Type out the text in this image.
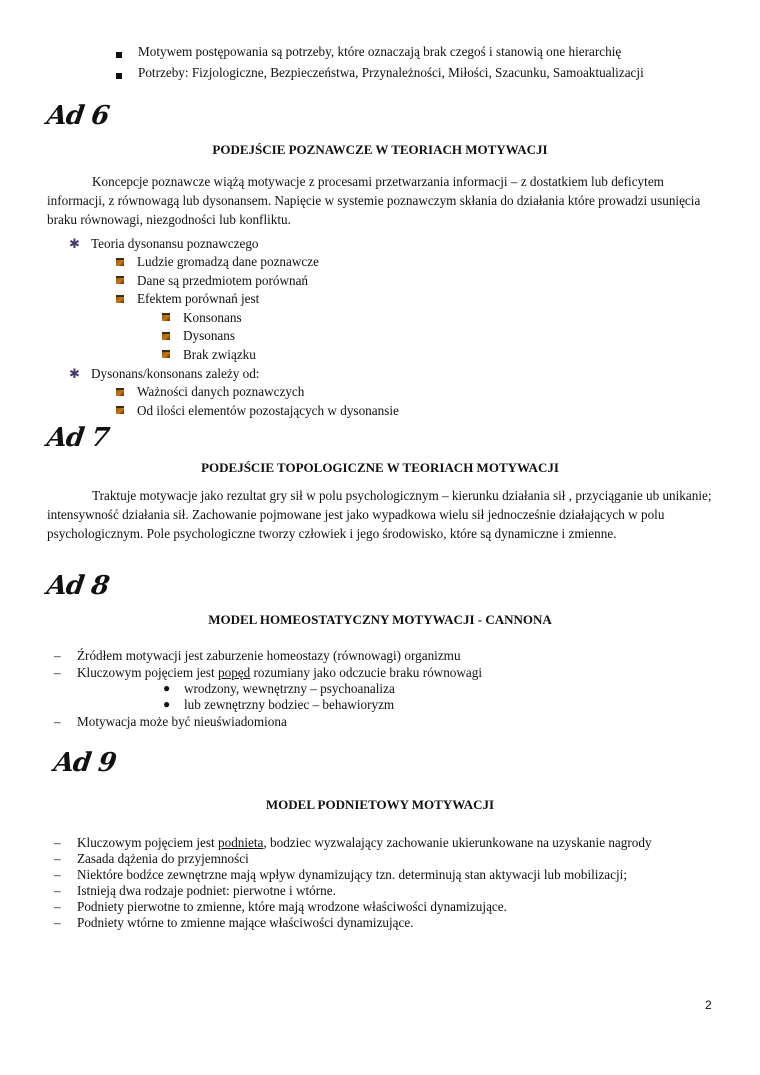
Motywem postępowania są potrzeby, które oznaczają brak czegoś i stanowią one hierarchię
Potrzeby: Fizjologiczne, Bezpieczeństwa, Przynależności, Miłości, Szacunku, Samoaktualizacji
Ad 6
PODEJŚCIE POZNAWCZE W TEORIACH MOTYWACJI
Koncepcje poznawcze wiążą motywacje z procesami przetwarzania informacji – z dostatkiem lub deficytem informacji, z równowagą lub dysonansem. Napięcie w systemie poznawczym skłania do działania które prowadzi usunięcia braku równowagi, niezgodności lub konfliktu.
✱ Teoria dysonansu poznawczego
Ludzie gromadzą dane poznawcze
Dane są przedmiotem porównań
Efektem porównań jest
Konsonans
Dysonans
Brak związku
✱ Dysonans/konsonans zależy od:
Ważności danych poznawczych
Od ilości elementów pozostających w dysonansie
Ad 7
PODEJŚCIE TOPOLOGICZNE W TEORIACH MOTYWACJI
Traktuje motywacje jako rezultat gry sił w polu psychologicznym – kierunku działania sił , przyciąganie ub unikanie; intensywność działania sił. Zachowanie pojmowane jest jako wypadkowa wielu sił jednocześnie działających w polu psychologicznym. Pole psychologiczne tworzy człowiek i jego środowisko, które są dynamiczne i zmienne.
Ad 8
MODEL HOMEOSTATYCZNY MOTYWACJI - CANNONA
– Źródłem motywacji jest zaburzenie homeostazy (równowagi) organizmu
– Kluczowym pojęciem jest popęd rozumiany jako odczucie braku równowagi
● wrodzony, wewnętrzny – psychoanaliza
● lub zewnętrzny bodziec – behawioryzm
– Motywacja może być nieuświadomiona
Ad 9
MODEL PODNIETOWY MOTYWACJI
– Kluczowym pojęciem jest podnieta, bodziec wyzwalający zachowanie ukierunkowane na uzyskanie nagrody
– Zasada dążenia do przyjemności
– Niektóre bodźce zewnętrzne mają wpływ dynamizujący tzn. determinują stan aktywacji lub mobilizacji;
– Istnieją dwa rodzaje podniet: pierwotne i wtórne.
– Podniety pierwotne to zmienne, które mają wrodzone właściwości dynamizujące.
– Podniety wtórne to zmienne mające właściwości dynamizujące.
2
